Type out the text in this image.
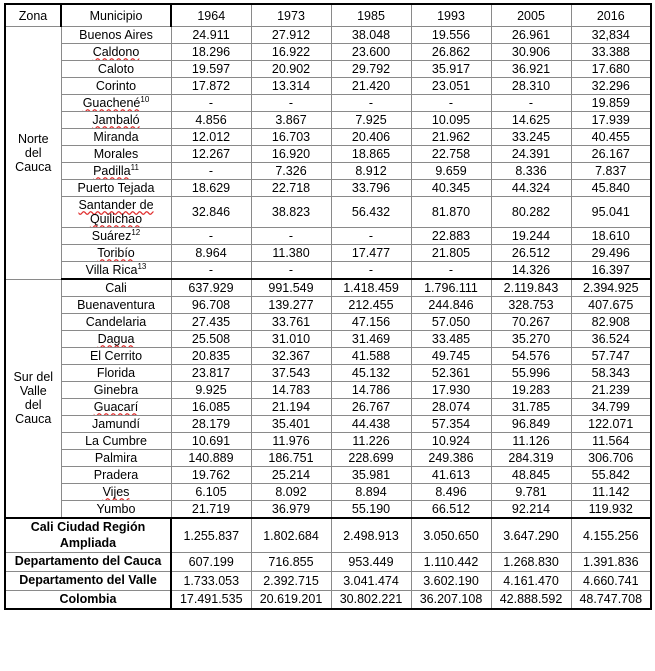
Zona	Municipio	1964	1973	1985	1993	2005	2016
Norte
del
Cauca	Buenos Aires	24.911	27.912	38.048	19.556	26.961	32,834
	Caldono	18.296	16.922	23.600	26.862	30.906	33.388
	Caloto	19.597	20.902	29.792	35.917	36.921	17.680
	Corinto	17.872	13.314	21.420	23.051	28.310	32.296
	Guachené$^{10}$	-	-	-	-	-	19.859
	Jambaló	4.856	3.867	7.925	10.095	14.625	17.939
	Miranda	12.012	16.703	20.406	21.962	33.245	40.455
	Morales	12.267	16.920	18.865	22.758	24.391	26.167
	Padilla$^{11}$	-	7.326	8.912	9.659	8.336	7.837
	Puerto Tejada	18.629	22.718	33.796	40.345	44.324	45.840
	Santander de Quilichao	32.846	38.823	56.432	81.870	80.282	95.041
	Suárez$^{12}$	-	-	-	22.883	19.244	18.610
	Toribío	8.964	11.380	17.477	21.805	26.512	29.496
	Villa Rica$^{13}$	-	-	-	-	14.326	16.397
Sur del
Valle
del
Cauca	Cali	637.929	991.549	1.418.459	1.796.111	2.119.843	2.394.925
	Buenaventura	96.708	139.277	212.455	244.846	328.753	407.675
	Candelaria	27.435	33.761	47.156	57.050	70.267	82.908
	Dagua	25.508	31.010	31.469	33.485	35.270	36.524
	El Cerrito	20.835	32.367	41.588	49.745	54.576	57.747
	Florida	23.817	37.543	45.132	52.361	55.996	58.343
	Ginebra	9.925	14.783	14.786	17.930	19.283	21.239
	Guacarí	16.085	21.194	26.767	28.074	31.785	34.799
	Jamundí	28.179	35.401	44.438	57.354	96.849	122.071
	La Cumbre	10.691	11.976	11.226	10.924	11.126	11.564
	Palmira	140.889	186.751	228.699	249.386	284.319	306.706
	Pradera	19.762	25.214	35.981	41.613	48.845	55.842
	Vijes	6.105	8.092	8.894	8.496	9.781	11.142
	Yumbo	21.719	36.979	55.190	66.512	92.214	119.932
Cali Ciudad Región Ampliada		1.255.837	1.802.684	2.498.913	3.050.650	3.647.290	4.155.256
Departamento del Cauca		607.199	716.855	953.449	1.110.442	1.268.830	1.391.836
Departamento del Valle		1.733.053	2.392.715	3.041.474	3.602.190	4.161.470	4.660.741
Colombia		17.491.535	20.619.201	30.802.221	36.207.108	42.888.592	48.747.708
